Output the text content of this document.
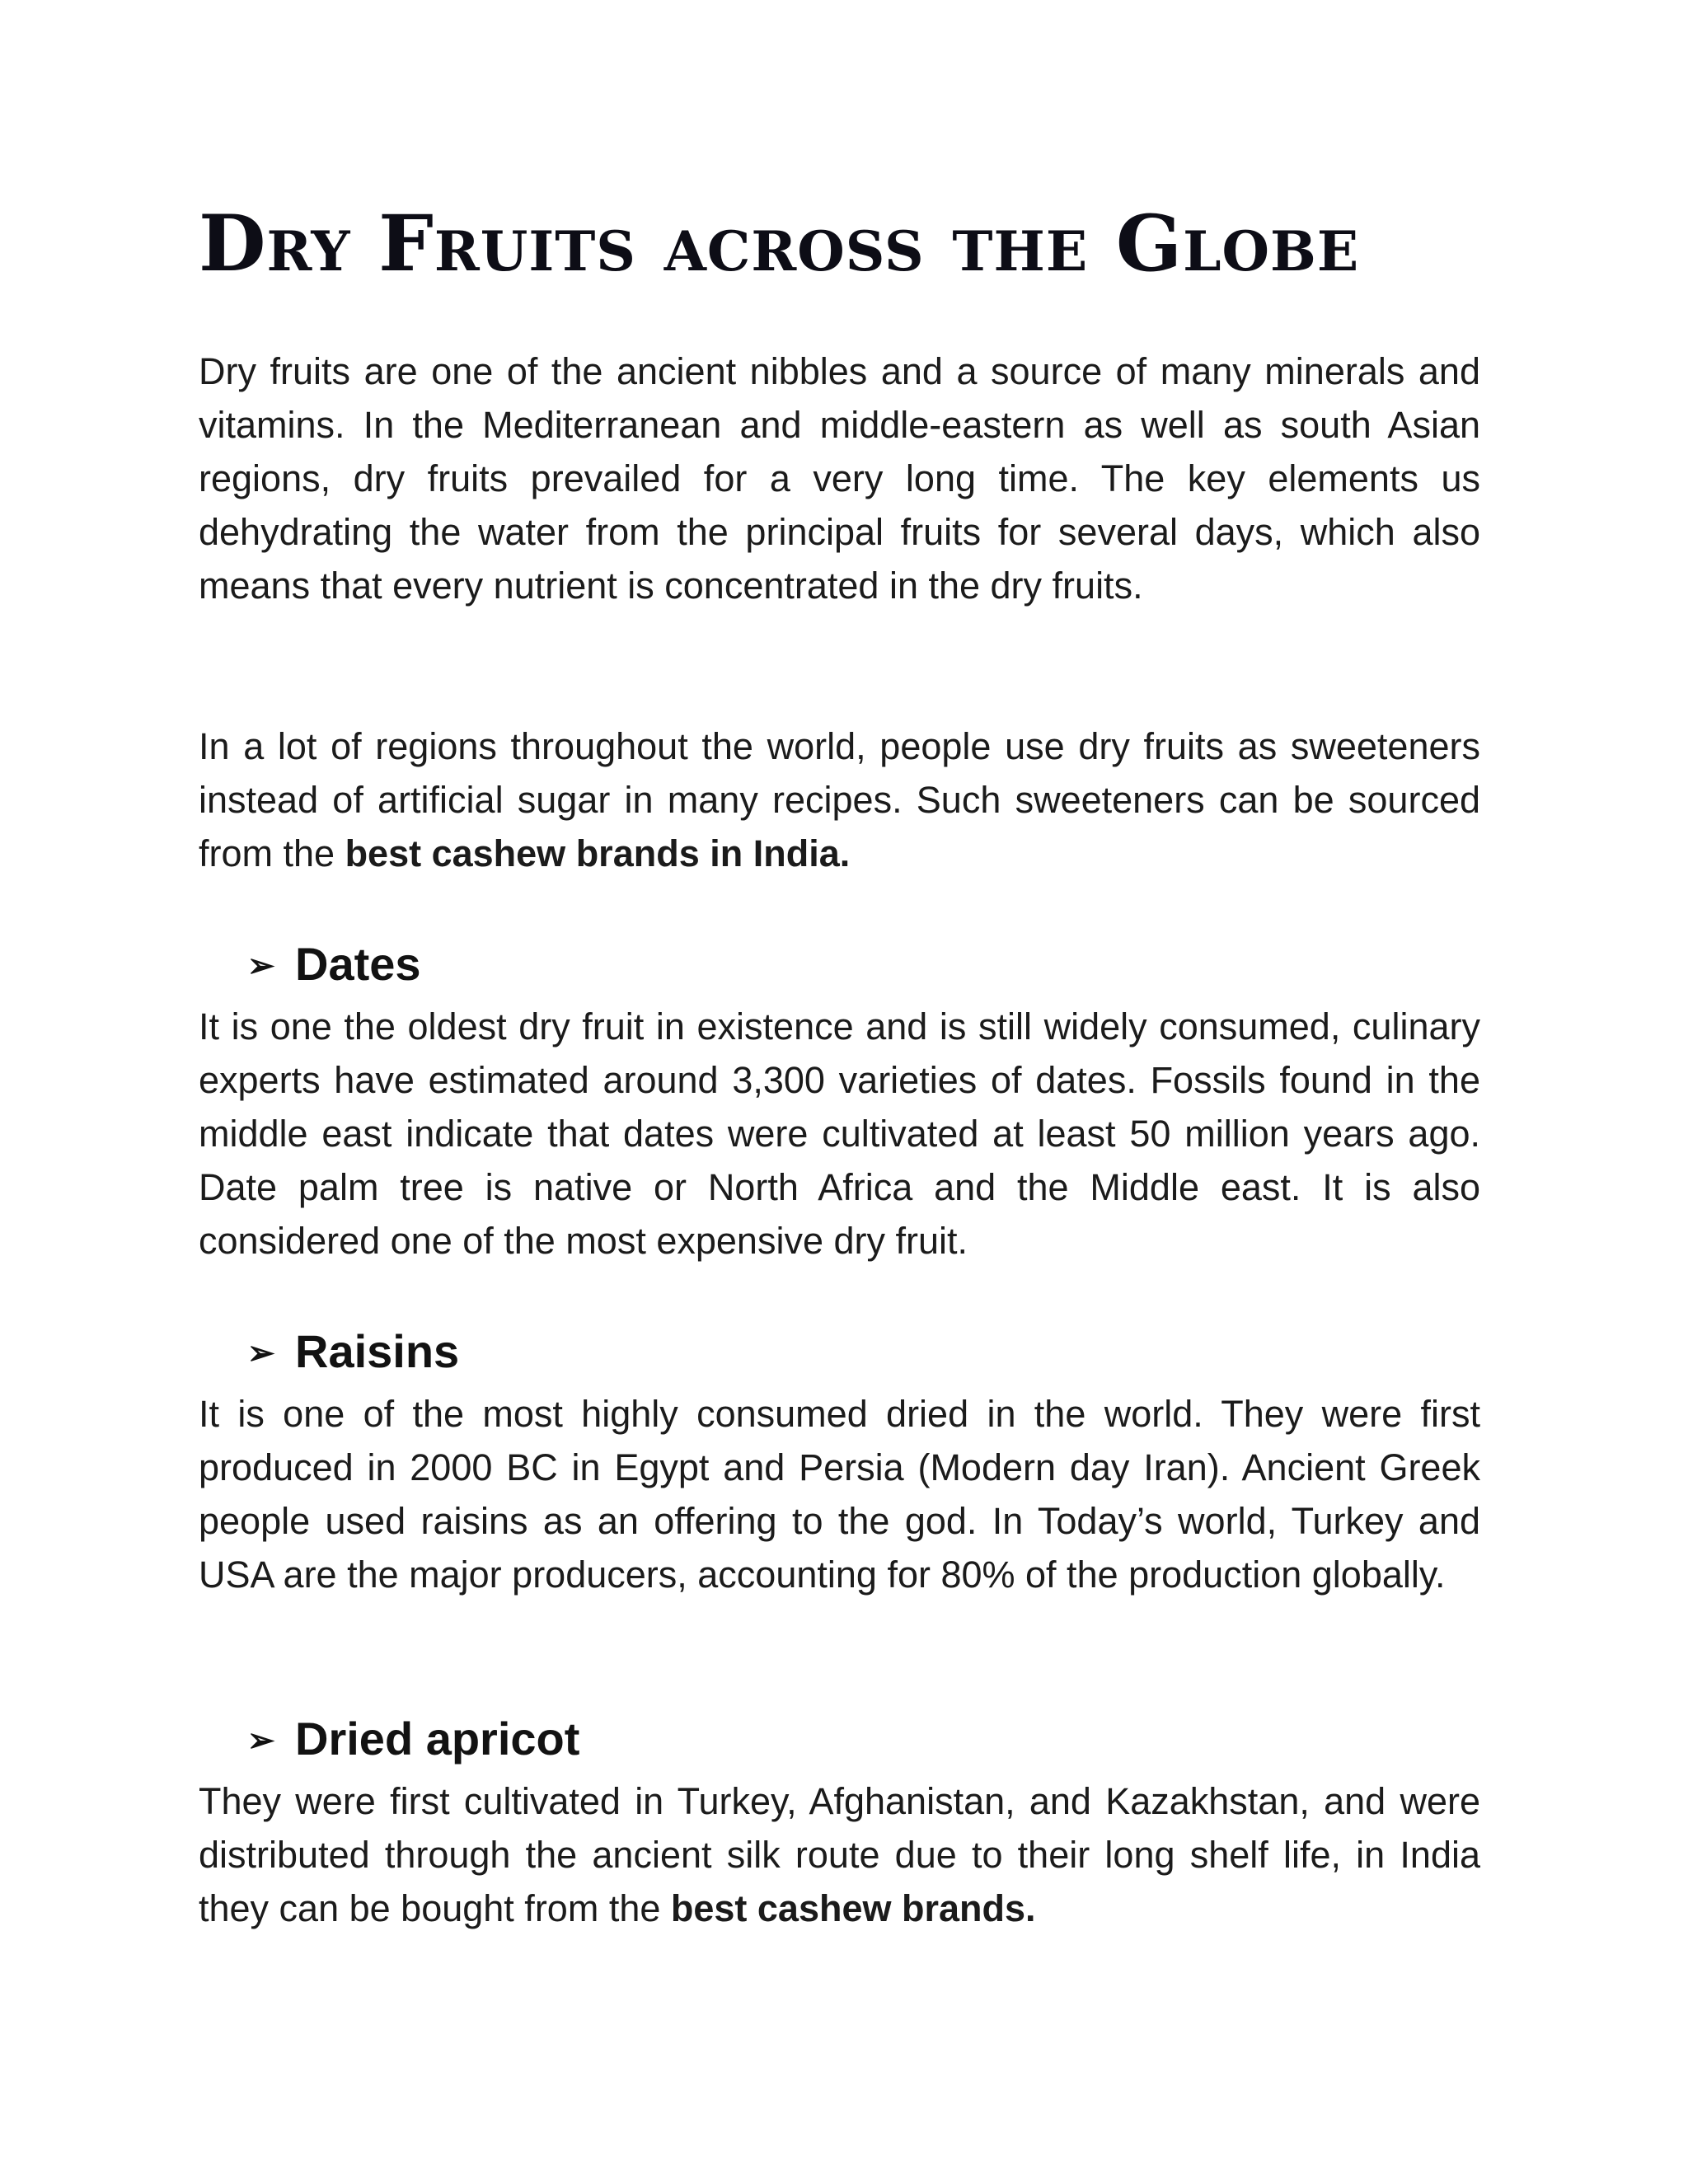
Dry Fruits across the Globe

Dry fruits are one of the ancient nibbles and a source of many minerals and vitamins. In the Mediterranean and middle-eastern as well as south Asian regions, dry fruits prevailed for a very long time. The key elements us dehydrating the water from the principal fruits for several days, which also means that every nutrient is concentrated in the dry fruits.

In a lot of regions throughout the world, people use dry fruits as sweeteners instead of artificial sugar in many recipes. Such sweeteners can be sourced from the best cashew brands in India.

➢ Dates

It is one the oldest dry fruit in existence and is still widely consumed, culinary experts have estimated around 3,300 varieties of dates. Fossils found in the middle east indicate that dates were cultivated at least 50 million years ago. Date palm tree is native or North Africa and the Middle east. It is also considered one of the most expensive dry fruit.

➢ Raisins

It is one of the most highly consumed dried in the world. They were first produced in 2000 BC in Egypt and Persia (Modern day Iran). Ancient Greek people used raisins as an offering to the god. In Today’s world, Turkey and USA are the major producers, accounting for 80% of the production globally.

➢ Dried apricot

They were first cultivated in Turkey, Afghanistan, and Kazakhstan, and were distributed through the ancient silk route due to their long shelf life, in India they can be bought from the best cashew brands.
